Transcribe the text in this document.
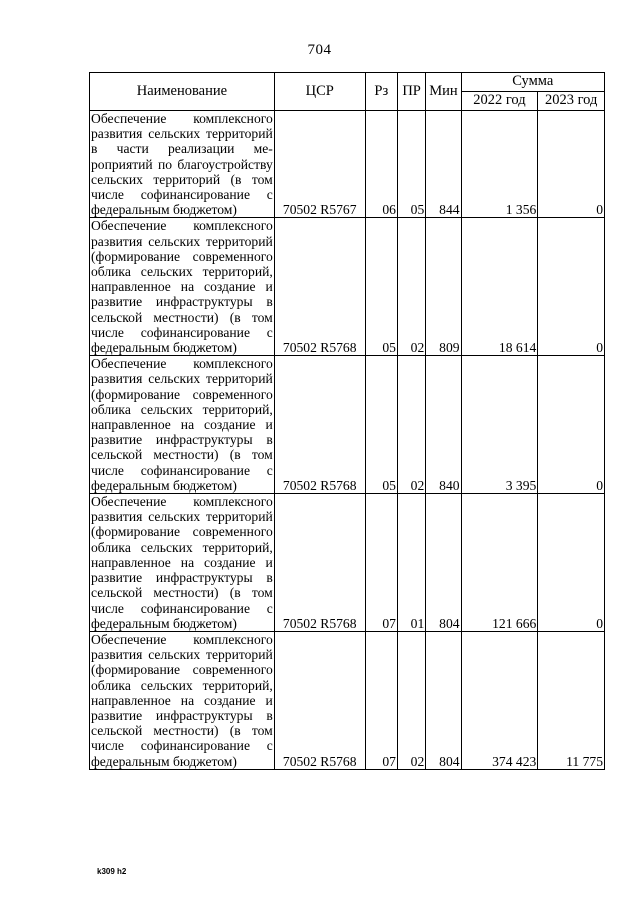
704
Наименование	ЦСР	Рз	ПР	Мин	Сумма	
					2022 год	2023 год
Обеспечение комплексного развития сельских территорий в части реализации мероприятий по благоустройству сельских территорий (в том числе софинансирование с федеральным бюджетом)	70502 R5767	06	05	844	1 356	0
Обеспечение комплексного развития сельских территорий (формирование современного облика сельских территорий, направленное на создание и развитие инфраструктуры в сельской местности) (в том числе софинансирование с федеральным бюджетом)	70502 R5768	05	02	809	18 614	0
Обеспечение комплексного развития сельских территорий (формирование современного облика сельских территорий, направленное на создание и развитие инфраструктуры в сельской местности) (в том числе софинансирование с федеральным бюджетом)	70502 R5768	05	02	840	3 395	0
Обеспечение комплексного развития сельских территорий (формирование современного облика сельских территорий, направленное на создание и развитие инфраструктуры в сельской местности) (в том числе софинансирование с федеральным бюджетом)	70502 R5768	07	01	804	121 666	0
Обеспечение комплексного развития сельских территорий (формирование современного облика сельских территорий, направленное на создание и развитие инфраструктуры в сельской местности) (в том числе софинансирование с федеральным бюджетом)	70502 R5768	07	02	804	374 423	11 775
k309 h2
